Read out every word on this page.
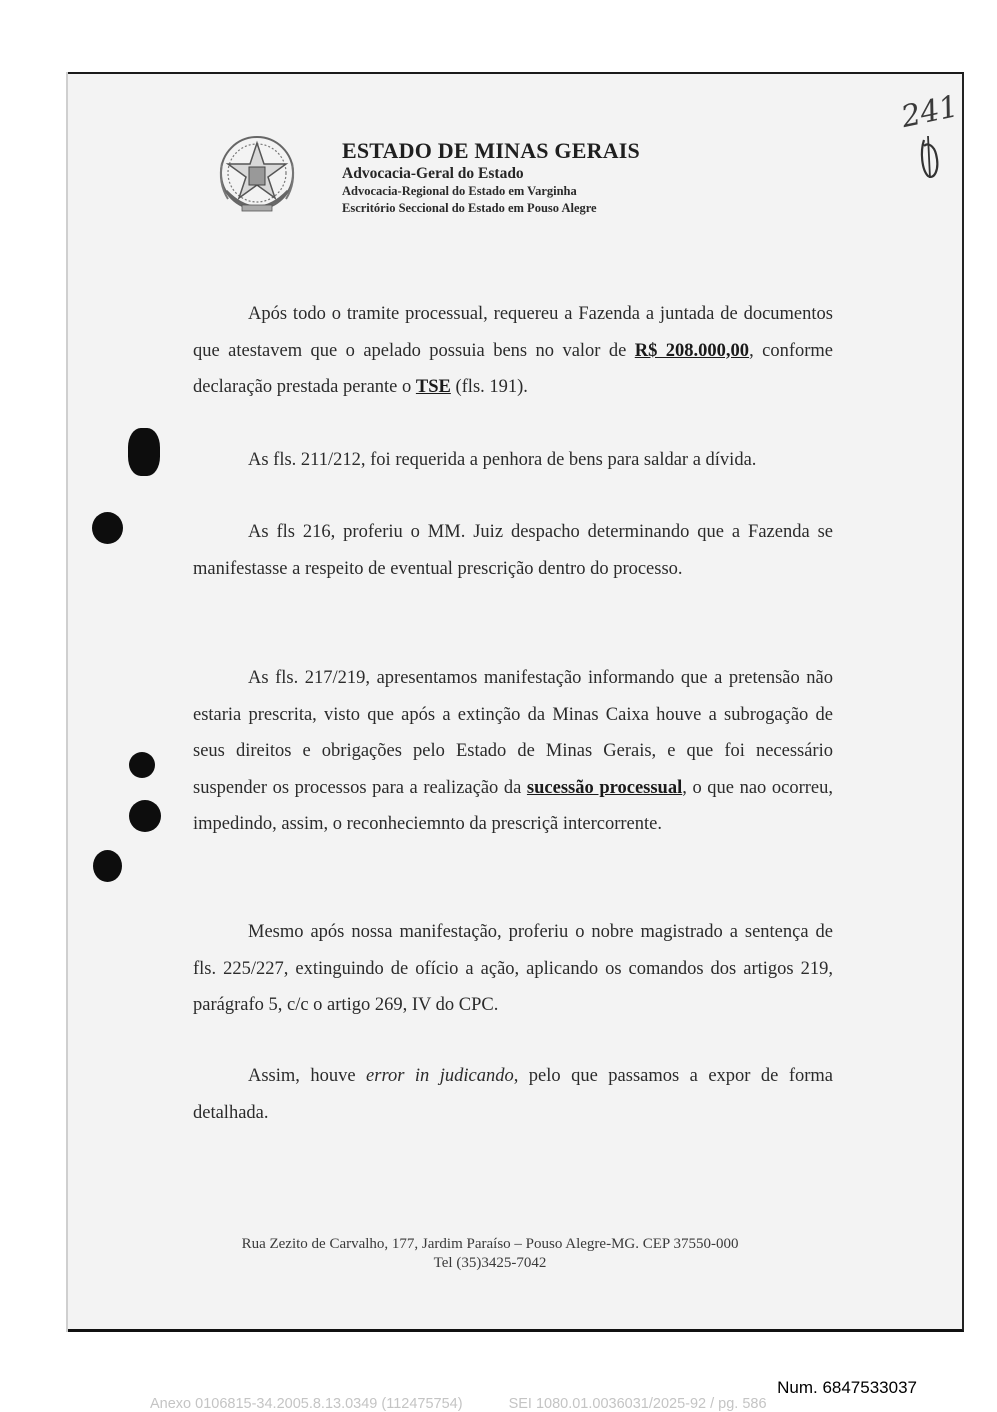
ESTADO DE MINAS GERAIS
Advocacia-Geral do Estado
Advocacia-Regional do Estado em Varginha
Escritório Seccional do Estado em Pouso Alegre
241
Após todo o tramite processual, requereu a Fazenda a juntada de documentos que atestavem que o apelado possuia bens no valor de R$ 208.000,00, conforme declaração prestada perante o TSE (fls. 191).
As fls. 211/212, foi requerida a penhora de bens para saldar a dívida.
As fls 216, proferiu o MM. Juiz despacho determinando que a Fazenda se manifestasse a respeito de eventual prescrição dentro do processo.
As fls. 217/219, apresentamos manifestação informando que a pretensão não estaria prescrita, visto que após a extinção da Minas Caixa houve a subrogação de seus direitos e obrigações pelo Estado de Minas Gerais, e que foi necessário suspender os processos para a realização da sucessão processual, o que nao ocorreu, impedindo, assim, o reconheciemnto da prescriçã intercorrente.
Mesmo após nossa manifestação, proferiu o nobre magistrado a sentença de fls. 225/227, extinguindo de ofício a ação, aplicando os comandos dos artigos 219, parágrafo 5, c/c o artigo 269, IV do CPC.
Assim, houve error in judicando, pelo que passamos a expor de forma detalhada.
Rua Zezito de Carvalho, 177, Jardim Paraíso – Pouso Alegre-MG. CEP 37550-000
Tel (35)3425-7042
Num. 6847533037
Anexo 0106815-34.2005.8.13.0349 (112475754)	SEI 1080.01.0036031/2025-92 / pg. 586
